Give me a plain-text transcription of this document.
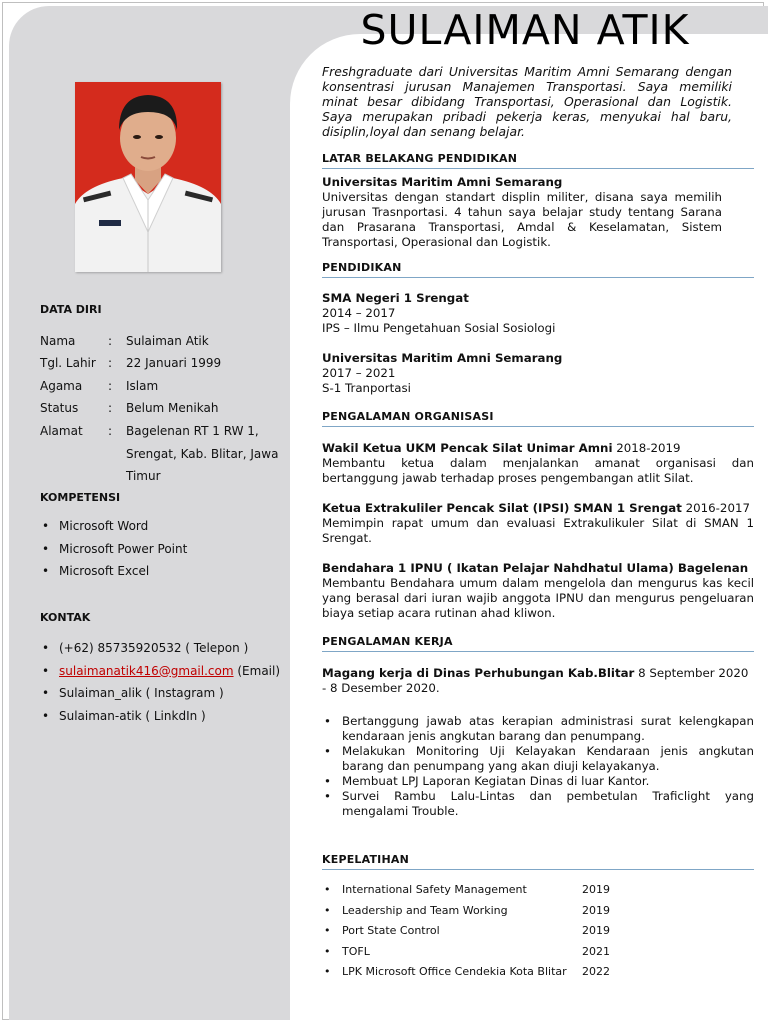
SULAIMAN ATIK
Freshgraduate dari Universitas Maritim Amni Semarang dengan konsentrasi jurusan Manajemen Transportasi. Saya memiliki minat besar dibidang Transportasi, Operasional dan Logistik. Saya merupakan pribadi pekerja keras, menyukai hal baru, disiplin,loyal dan senang belajar.
DATA DIRI
Nama	: Sulaiman Atik
Tgl. Lahir : 22 Januari 1999
Agama : Islam
Status : Belum Menikah
Alamat : Bagelenan RT 1 RW 1, Srengat, Kab. Blitar, Jawa Timur
KOMPETENSI
• Microsoft Word
• Microsoft Power Point
• Microsoft Excel
KONTAK
• (+62) 85735920532 ( Telepon )
• sulaimanatik416@gmail.com (Email)
• Sulaiman_alik ( Instagram )
• Sulaiman-atik ( LinkdIn )
LATAR BELAKANG PENDIDIKAN
Universitas Maritim Amni Semarang
Universitas dengan standart displin militer, disana saya memilih jurusan Trasnportasi. 4 tahun saya belajar study tentang Sarana dan Prasarana Transportasi, Amdal & Keselamatan, Sistem Transportasi, Operasional dan Logistik.
PENDIDIKAN
SMA Negeri 1 Srengat
2014 – 2017
IPS – Ilmu Pengetahuan Sosial Sosiologi
Universitas Maritim Amni Semarang
2017 – 2021
S-1 Tranportasi
PENGALAMAN ORGANISASI
Wakil Ketua UKM Pencak Silat Unimar Amni 2018-2019
Membantu ketua dalam menjalankan amanat organisasi dan bertanggung jawab terhadap proses pengembangan atlit Silat.
Ketua Extrakuliler Pencak Silat (IPSI) SMAN 1 Srengat 2016-2017
Memimpin rapat umum dan evaluasi Extrakulikuler Silat di SMAN 1 Srengat.
Bendahara 1 IPNU ( Ikatan Pelajar Nahdhatul Ulama) Bagelenan
Membantu Bendahara umum dalam mengelola dan mengurus kas kecil yang berasal dari iuran wajib anggota IPNU dan mengurus pengeluaran biaya setiap acara rutinan ahad kliwon.
PENGALAMAN KERJA
Magang kerja di Dinas Perhubungan Kab.Blitar 8 September 2020 - 8 Desember 2020.
• Bertanggung jawab atas kerapian administrasi surat kelengkapan kendaraan jenis angkutan barang dan penumpang.
• Melakukan Monitoring Uji Kelayakan Kendaraan jenis angkutan barang dan penumpang yang akan diuji kelayakanya.
• Membuat LPJ Laporan Kegiatan Dinas di luar Kantor.
• Survei Rambu Lalu-Lintas dan pembetulan Traficlight yang mengalami Trouble.
KEPELATIHAN
• International Safety Management	2019
• Leadership and Team Working	2019
• Port State Control	2019
• TOFL	2021
• LPK Microsoft Office Cendekia Kota Blitar 2022
